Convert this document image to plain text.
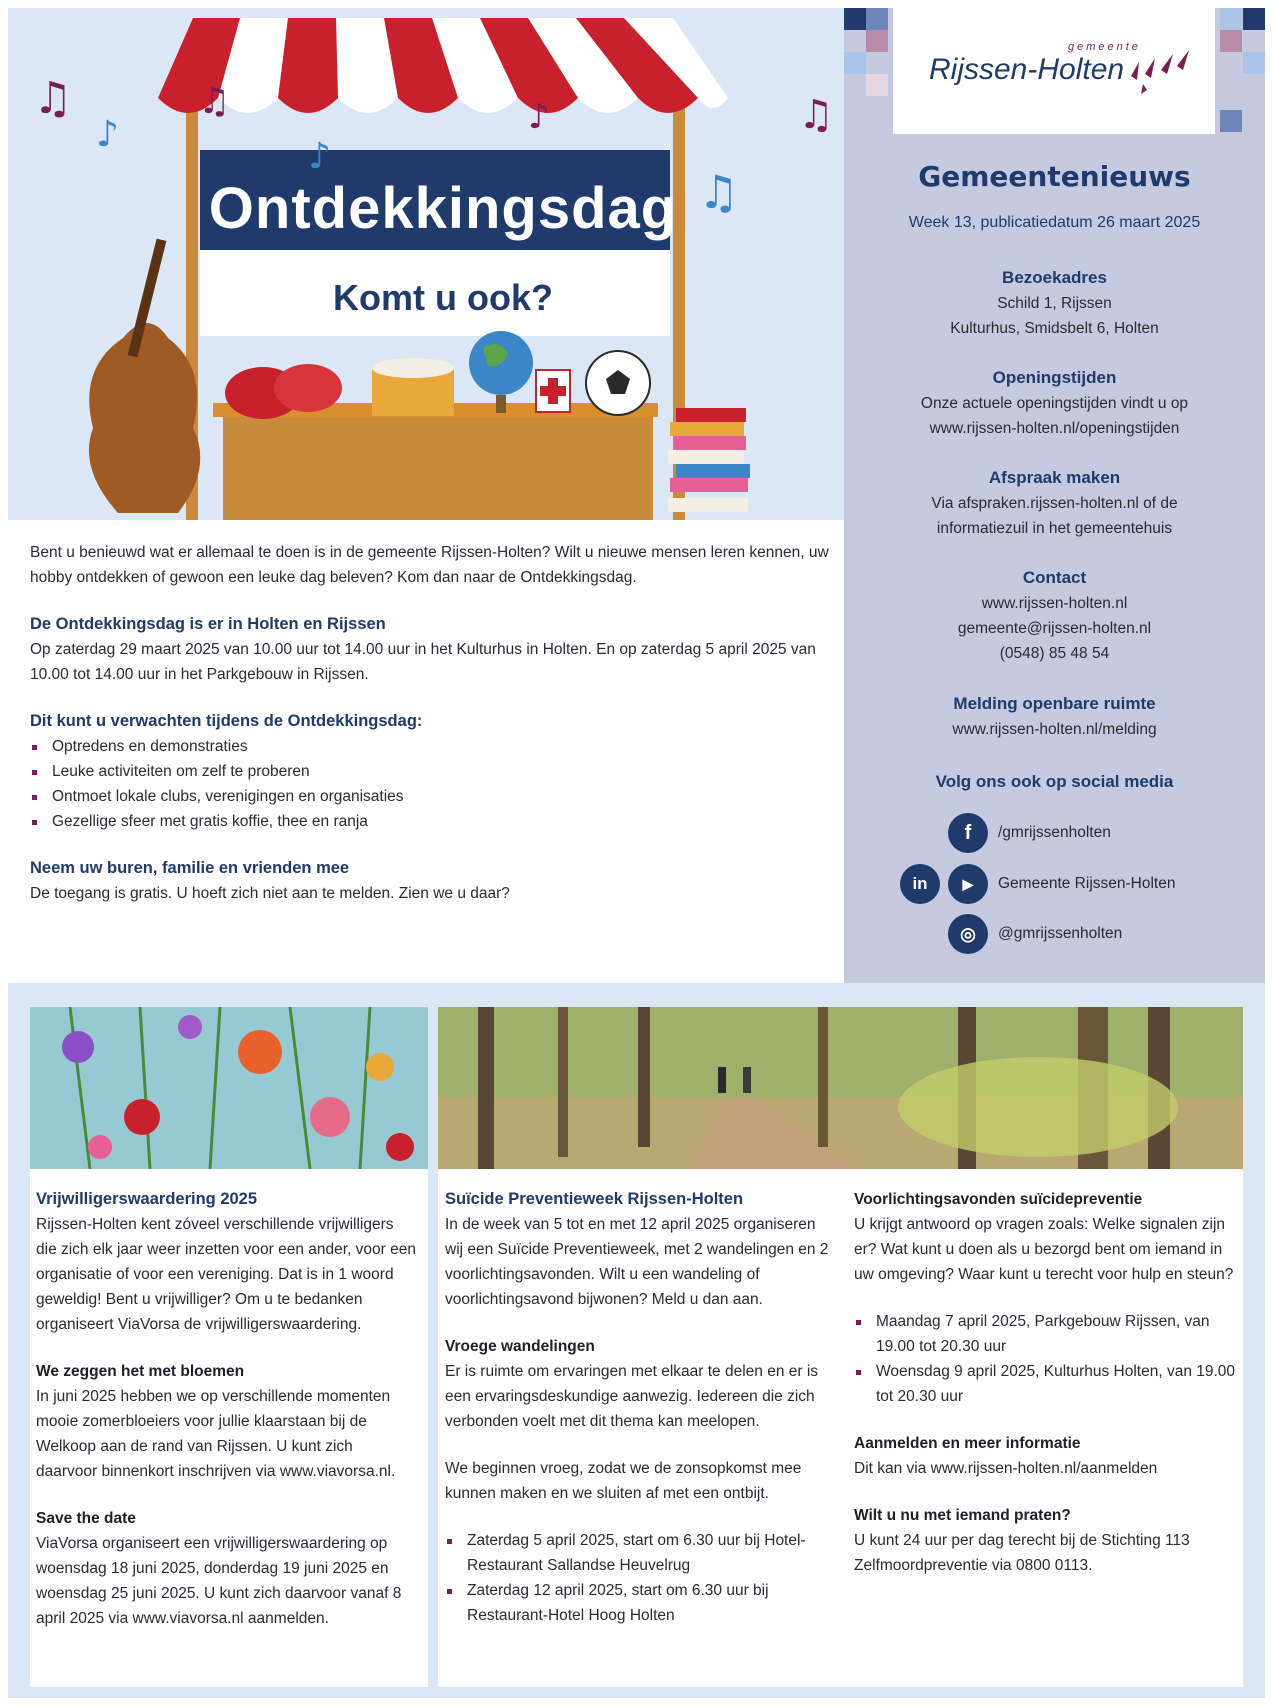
♫	♫
♪
♪
♪
♫
♫
Ontdekkingsdag
Komt u ook?
gemeente
Rijssen-Holten
Gemeentenieuws
Week 13, publicatiedatum 26 maart 2025
Bezoekadres
Schild 1, Rijssen
Kulturhus, Smidsbelt 6, Holten
Openingstijden
Onze actuele openingstijden vindt u op
www.rijssen-holten.nl/openingstijden
Afspraak maken
Via afspraken.rijssen-holten.nl of de
informatiezuil in het gemeentehuis
Contact
www.rijssen-holten.nl
gemeente@rijssen-holten.nl
(0548) 85 48 54
Melding openbare ruimte
www.rijssen-holten.nl/melding
Volg ons ook op social media
f	/gmrijssenholten
in	▶	Gemeente Rijssen-Holten
◎	@gmrijssenholten

Bent u benieuwd wat er allemaal te doen is in de gemeente Rijssen-Holten? Wilt u nieuwe mensen leren kennen, uw hobby ontdekken of gewoon een leuke dag beleven? Kom dan naar de Ontdekkingsdag.

De Ontdekkingsdag is er in Holten en Rijssen

Op zaterdag 29 maart 2025 van 10.00 uur tot 14.00 uur in het Kulturhus in Holten. En op zaterdag 5 april 2025 van 10.00 tot 14.00 uur in het Parkgebouw in Rijssen.

Dit kunt u verwachten tijdens de Ontdekkingsdag:

Optredens en demonstraties
Leuke activiteiten om zelf te proberen
Ontmoet lokale clubs, verenigingen en organisaties
Gezellige sfeer met gratis koffie, thee en ranja

Neem uw buren, familie en vrienden mee

De toegang is gratis. U hoeft zich niet aan te melden. Zien we u daar?

Vrijwilligerswaardering 2025

Rijssen-Holten kent zóveel verschillende vrijwilligers die zich elk jaar weer inzetten voor een ander, voor een organisatie of voor een vereniging. Dat is in 1 woord geweldig! Bent u vrijwilliger? Om u te bedanken organiseert ViaVorsa de vrijwilligerswaardering.

We zeggen het met bloemen

In juni 2025 hebben we op verschillende momenten mooie zomerbloeiers voor jullie klaarstaan bij de Welkoop aan de rand van Rijssen. U kunt zich daarvoor binnenkort inschrijven via www.viavorsa.nl.

Save the date

ViaVorsa organiseert een vrijwilligerswaardering op woensdag 18 juni 2025, donderdag 19 juni 2025 en woensdag 25 juni 2025. U kunt zich daarvoor vanaf 8 april 2025 via www.viavorsa.nl aanmelden.

Suïcide Preventieweek Rijssen-Holten

In de week van 5 tot en met 12 april 2025 organiseren wij een Suïcide Preventieweek, met 2 wandelingen en 2 voorlichtingsavonden. Wilt u een wandeling of voorlichtingsavond bijwonen? Meld u dan aan.

Vroege wandelingen

Er is ruimte om ervaringen met elkaar te delen en er is een ervaringsdeskundige aanwezig. Iedereen die zich verbonden voelt met dit thema kan meelopen.

We beginnen vroeg, zodat we de zonsopkomst mee kunnen maken en we sluiten af met een ontbijt.

Zaterdag 5 april 2025, start om 6.30 uur bij Hotel-Restaurant Sallandse Heuvelrug
Zaterdag 12 april 2025, start om 6.30 uur bij Restaurant-Hotel Hoog Holten

Voorlichtingsavonden suïcidepreventie

U krijgt antwoord op vragen zoals: Welke signalen zijn er? Wat kunt u doen als u bezorgd bent om iemand in uw omgeving? Waar kunt u terecht voor hulp en steun?

Maandag 7 april 2025, Parkgebouw Rijssen, van 19.00 tot 20.30 uur
Woensdag 9 april 2025, Kulturhus Holten, van 19.00 tot 20.30 uur

Aanmelden en meer informatie

Dit kan via www.rijssen-holten.nl/aanmelden

Wilt u nu met iemand praten?

U kunt 24 uur per dag terecht bij de Stichting 113 Zelfmoordpreventie via 0800 0113.
